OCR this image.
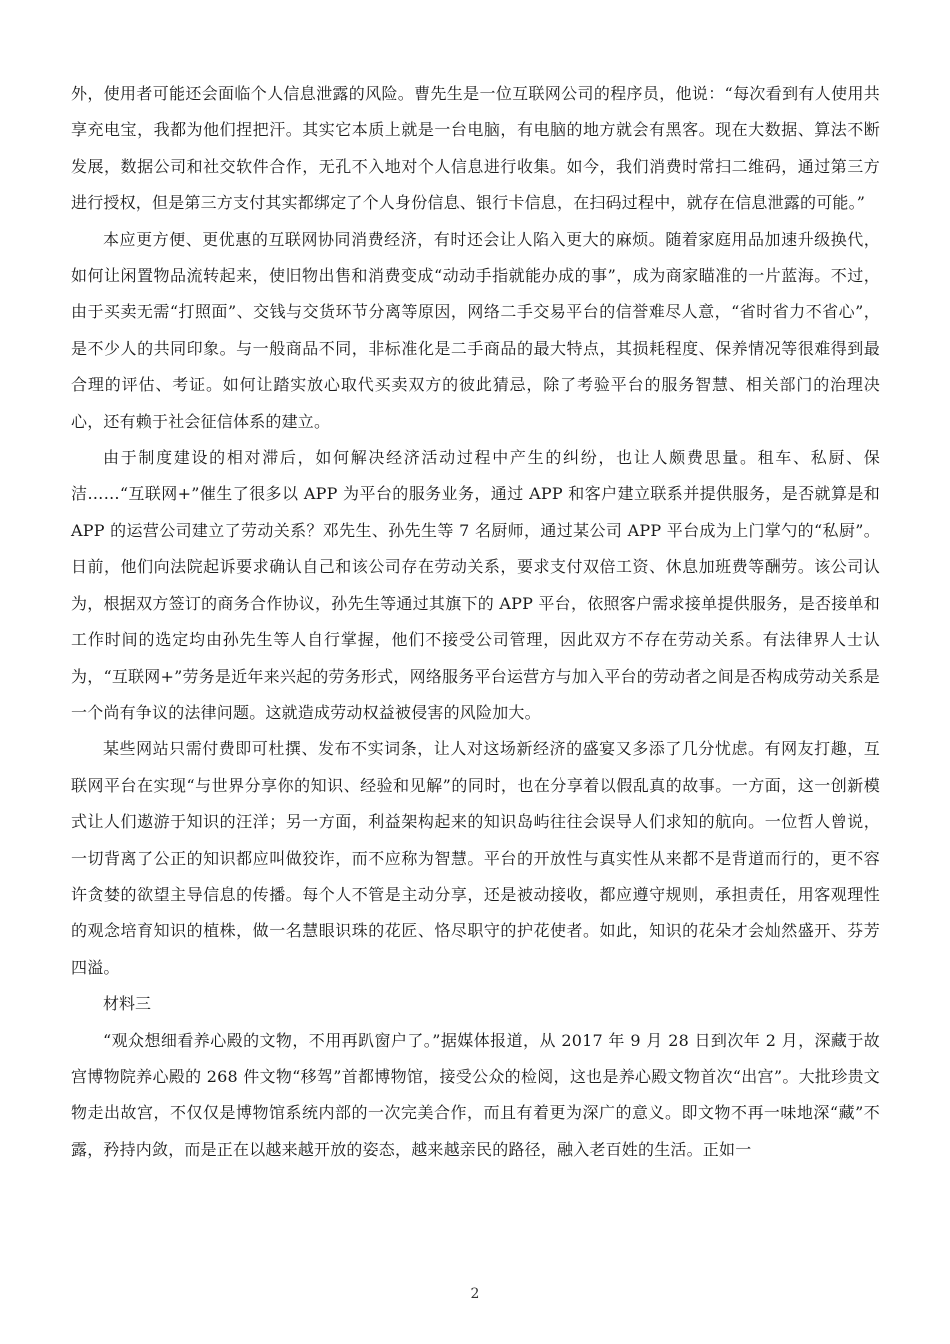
外，使用者可能还会面临个人信息泄露的风险。曹先生是一位互联网公司的程序员，他说：“每次看到有人使用共享充电宝，我都为他们捏把汗。其实它本质上就是一台电脑，有电脑的地方就会有黑客。现在大数据、算法不断发展，数据公司和社交软件合作，无孔不入地对个人信息进行收集。如今，我们消费时常扫二维码，通过第三方进行授权，但是第三方支付其实都绑定了个人身份信息、银行卡信息，在扫码过程中，就存在信息泄露的可能。”

本应更方便、更优惠的互联网协同消费经济，有时还会让人陷入更大的麻烦。随着家庭用品加速升级换代，如何让闲置物品流转起来，使旧物出售和消费变成“动动手指就能办成的事”，成为商家瞄准的一片蓝海。不过，由于买卖无需“打照面”、交钱与交货环节分离等原因，网络二手交易平台的信誉难尽人意，“省时省力不省心”，是不少人的共同印象。与一般商品不同，非标准化是二手商品的最大特点，其损耗程度、保养情况等很难得到最合理的评估、考证。如何让踏实放心取代买卖双方的彼此猜忌，除了考验平台的服务智慧、相关部门的治理决心，还有赖于社会征信体系的建立。

由于制度建设的相对滞后，如何解决经济活动过程中产生的纠纷，也让人颇费思量。租车、私厨、保洁……“互联网+”催生了很多以 APP 为平台的服务业务，通过 APP 和客户建立联系并提供服务，是否就算是和 APP 的运营公司建立了劳动关系？邓先生、孙先生等 7 名厨师，通过某公司 APP 平台成为上门掌勺的“私厨”。日前，他们向法院起诉要求确认自己和该公司存在劳动关系，要求支付双倍工资、休息加班费等酬劳。该公司认为，根据双方签订的商务合作协议，孙先生等通过其旗下的 APP 平台，依照客户需求接单提供服务，是否接单和工作时间的选定均由孙先生等人自行掌握，他们不接受公司管理，因此双方不存在劳动关系。有法律界人士认为，“互联网+”劳务是近年来兴起的劳务形式，网络服务平台运营方与加入平台的劳动者之间是否构成劳动关系是一个尚有争议的法律问题。这就造成劳动权益被侵害的风险加大。

某些网站只需付费即可杜撰、发布不实词条，让人对这场新经济的盛宴又多添了几分忧虑。有网友打趣，互联网平台在实现“与世界分享你的知识、经验和见解”的同时，也在分享着以假乱真的故事。一方面，这一创新模式让人们遨游于知识的汪洋；另一方面，利益架构起来的知识岛屿往往会误导人们求知的航向。一位哲人曾说，一切背离了公正的知识都应叫做狡诈，而不应称为智慧。平台的开放性与真实性从来都不是背道而行的，更不容许贪婪的欲望主导信息的传播。每个人不管是主动分享，还是被动接收，都应遵守规则，承担责任，用客观理性的观念培育知识的植株，做一名慧眼识珠的花匠、恪尽职守的护花使者。如此，知识的花朵才会灿然盛开、芬芳四溢。

材料三

“观众想细看养心殿的文物，不用再趴窗户了。”据媒体报道，从 2017 年 9 月 28 日到次年 2 月，深藏于故宫博物院养心殿的 268 件文物“移驾”首都博物馆，接受公众的检阅，这也是养心殿文物首次“出宫”。大批珍贵文物走出故宫，不仅仅是博物馆系统内部的一次完美合作，而且有着更为深广的意义。即文物不再一味地深“藏”不露，矜持内敛，而是正在以越来越开放的姿态，越来越亲民的路径，融入老百姓的生活。正如一

2
